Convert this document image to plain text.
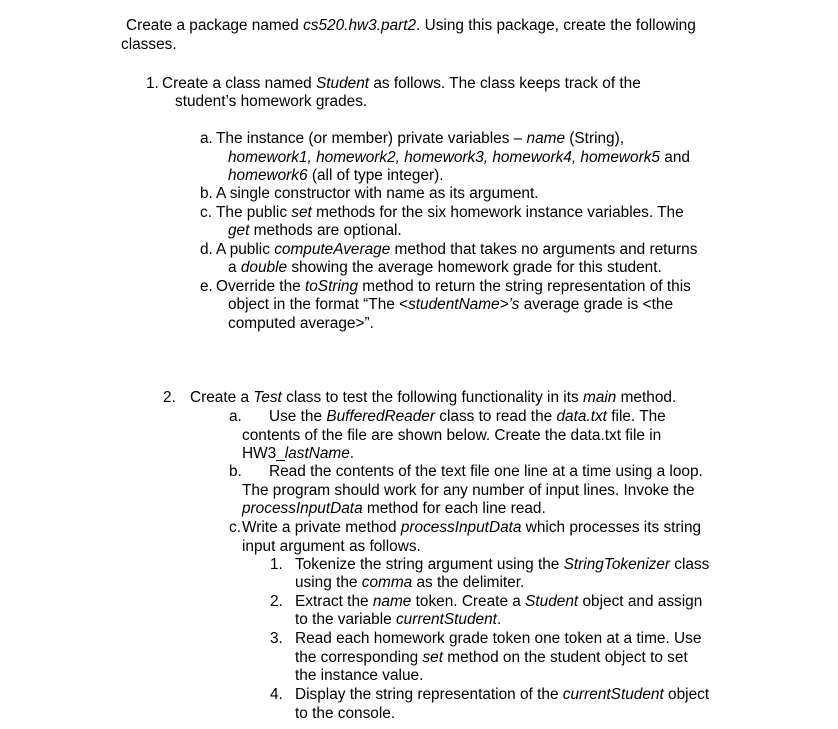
Create a package named cs520.hw3.part2. Using this package, create the following
classes.
1. Create a class named Student as follows. The class keeps track of the
student’s homework grades.
a. The instance (or member) private variables – name (String),
homework1, homework2, homework3, homework4, homework5 and
homework6 (all of type integer).
b. A single constructor with name as its argument.
c. The public set methods for the six homework instance variables. The
get methods are optional.
d. A public computeAverage method that takes no arguments and returns
a double showing the average homework grade for this student.
e. Override the toString method to return the string representation of this
object in the format “The <studentName>’s average grade is <the
computed average>”.
2. Create a Test class to test the following functionality in its main method.
a. Use the BufferedReader class to read the data.txt file. The
contents of the file are shown below. Create the data.txt file in
HW3_lastName.
b. Read the contents of the text file one line at a time using a loop.
The program should work for any number of input lines. Invoke the
processInputData method for each line read.
c.Write a private method processInputData which processes its string
input argument as follows.
1. Tokenize the string argument using the StringTokenizer class
using the comma as the delimiter.
2. Extract the name token. Create a Student object and assign
to the variable currentStudent.
3. Read each homework grade token one token at a time. Use
the corresponding set method on the student object to set
the instance value.
4. Display the string representation of the currentStudent object
to the console.
